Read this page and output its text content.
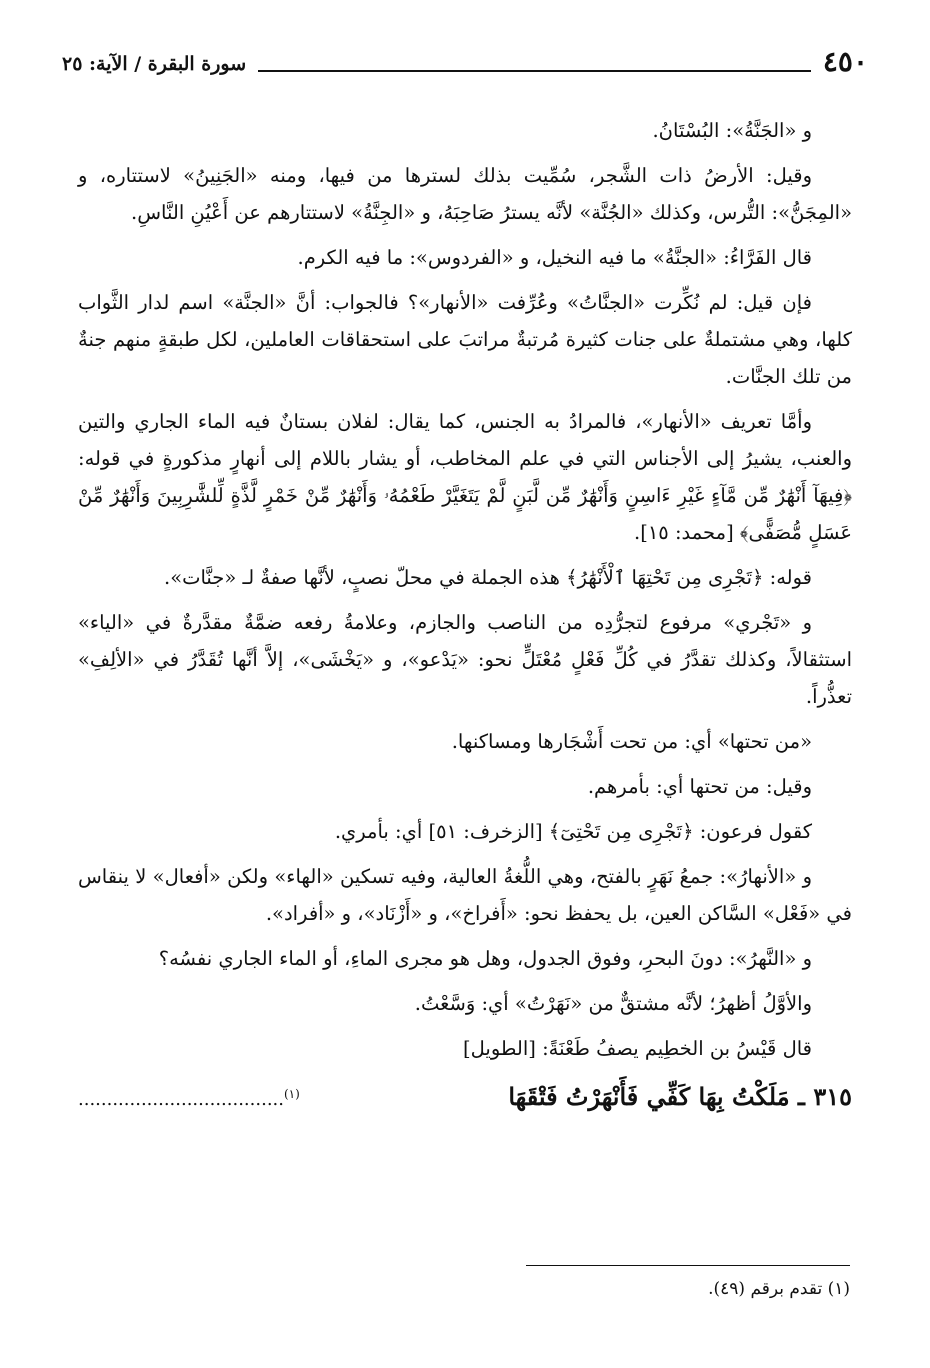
٤٥٠
سورة البقرة / الآية: ٢٥

و «الجَنَّةُ»: البُسْتَانُ.

وقيل: الأرضُ ذات الشَّجر، سُمِّيت بذلك لسترها من فيها، ومنه «الجَنِينُ» لاستتاره، و «المِجَنُّ»: التُّرس، وكذلك «الجُنَّة» لأنَّه يسترُ صَاحِبَهُ، و «الجِنَّةُ» لاستتارهم عن أَعْيُنِ النَّاسِ.

قال الفَرَّاءُ: «الجنَّةُ» ما فيه النخيل، و «الفردوس»: ما فيه الكرم.

فإن قيل: لم نُكِّرت «الجنَّاتُ» وعُرِّفت «الأنهار»؟ فالجواب: أنَّ «الجنَّة» اسم لدار الثَّواب كلها، وهي مشتملةٌ على جنات كثيرة مُرتبةٌ مراتبَ على استحقاقات العاملين، لكل طبقةٍ منهم جنةٌ من تلك الجنَّات.

وأمَّا تعريف «الأنهار»، فالمرادُ به الجنس، كما يقال: لفلان بستانٌ فيه الماء الجاري والتين والعنب، يشيرُ إلى الأجناس التي في علم المخاطب، أو يشار باللام إلى أنهارٍ مذكورةٍ في قوله: ﴿فِيهَآ أَنْهَٰرٌ مِّن مَّآءٍ غَيْرِ ءَاسِنٍ وَأَنْهَٰرٌ مِّن لَّبَنٍ لَّمْ يَتَغَيَّرْ طَعْمُهُۥ وَأَنْهَٰرٌ مِّنْ خَمْرٍ لَّذَّةٍ لِّلشَّٰرِبِينَ وَأَنْهَٰرٌ مِّنْ عَسَلٍ مُّصَفًّى﴾ [محمد: ١٥].

قوله: ﴿تَجْرِى مِن تَحْتِهَا ٱلْأَنْهَٰرُ﴾ هذه الجملة في محلّ نصبٍ، لأنَّها صفةٌ لـ «جنَّات».

و «تَجْري» مرفوع لتجرُّدِه من الناصب والجازم، وعلامةُ رفعه ضمَّةٌ مقدَّرةٌ في «الياء» استثقالاً، وكذلك تقدَّرُ في كُلِّ فَعْلٍ مُعْتَلٍّ نحو: «يَدْعو»، و «يَخْشَى»، إلاَّ أنَّها تُقَدَّرُ في «الألِفِ» تعذُّراً.

«من تحتها» أي: من تحت أَشْجَارها ومساكنها.

وقيل: من تحتها أي: بأمرهم.

كقول فرعون: ﴿تَجْرِى مِن تَحْتِىٓ﴾ [الزخرف: ٥١] أي: بأمري.

و «الأنهارُ»: جمعُ نَهَرٍ بالفتح، وهي اللُّغةُ العالية، وفيه تسكين «الهاء» ولكن «أفعال» لا ينقاس في «فَعْل» السَّاكن العين، بل يحفظ نحو: «أَفراخ»، و «أَزْنَاد»، و «أفراد».

و «النَّهرُ»: دونَ البحرِ، وفوق الجدول، وهل هو مجرى الماءِ، أو الماء الجاري نفسُه؟

والأوَّلُ أظهرُ؛ لأنَّه مشتقٌّ من «نَهَرْتُ» أي: وَسَّعْتُ.

قال قَيْسُ بن الخطِيم يصفُ طَعْنَةً: [الطويل]

٣١٥ ـ مَلَكْتُ بِهَا كَفِّي فَأَنْهَرْتُ فَتْقَهَا
$^{(١)}$....................................
(١) تقدم برقم (٤٩).
